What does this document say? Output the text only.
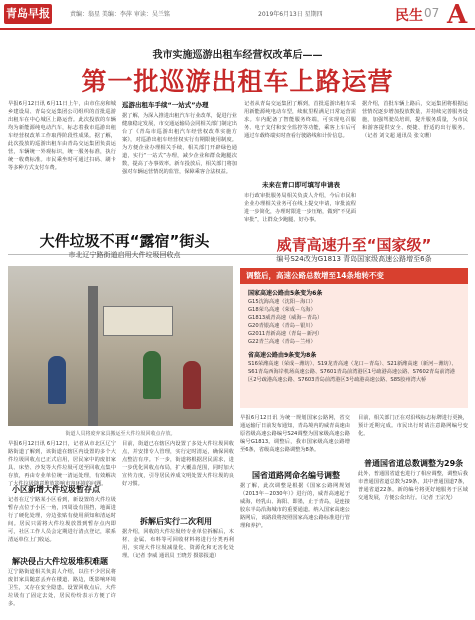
青岛早报	责编：翁星 美编：李萍 审读：吴兰铭	2019年6月13日 星期四	民生 07 A
我市实施巡游出租车经营权改革后——
第一批巡游出租车上路运营
早报6月12日讯 6月11日上午，由市住房和城乡建设局、青岛交运集团公司组织的首批巡游出租车在中心城区上路运营。此次投放的车辆均为新能源纯电动汽车，标志着我市巡游出租车经营权改革工作取得阶段性成果。据了解，此次投放的巡游出租车由青岛交运集团负责运营，车辆统一外观标识，统一服务标准，执行统一收费标准。市民乘坐时可通过扫码、刷卡等多种方式支付车费。
巡游出租车手续“一站式”办理
据了解，为深入推进出租汽车行业改革，促进行业健康稳定发展，市交通运输局会同相关部门制定出台了《青岛市巡游出租汽车经营权改革实施方案》，对巡游出租车经营权实行有期限使用制度。为方便企业办理相关手续，相关部门开辟绿色通道，实行“一站式”办理，减少企业和群众跑腿次数，提高了办事效率。新车投放后，相关部门将加强对车辆运营情况的监管，保障乘客合法权益。
记者从青岛交运集团了解到，首批巡游出租车采用新能源纯电动车型，续航里程满足日常运营需求。车内配备了智能服务终端，可实现电召服务、电子支付和安全监控等功能，乘客上车后可通过车载终端实时查看行驶路线和计价信息。
未来在青口即可填写申请表
市行政审批服务局相关负责人介绍，今后市民和企业办理相关业务可在线上提交申请，审批流程进一步简化，办理时限进一步压缩，做到“不见面审批”，让群众少跑腿、好办事。
据介绍，首批车辆上路后，交运集团将根据运营情况逐步增加投放数量，并持续完善服务设施，加强驾驶员培训，提升服务质量，为市民和游客提供安全、便捷、舒适的出行服务。（记者 刘文超 通讯员 张文珊）
大件垃圾不再“露宿”街头
市北辽宁路街道启用大件垃圾回收点
街道人员将废弃家具搬运至大件垃圾回收点存放。
早报6月12日讯 6月12日，记者从市北区辽宁路街道了解到，该街道在辖区内设置的多个大件垃圾回收点已正式启用，居民家中的废旧家具、床垫、沙发等大件垃圾可送至回收点集中存放，再由专业单位统一清运处理，有效解决了大件垃圾随意堆放影响市容环境的问题。
小区新增大件垃圾暂存点
记者在辽宁路某小区看到，新设置的大件垃圾暂存点位于小区一角，四周设有围挡，地面进行了硬化处理，旁边张贴有使用须知和清运时间。居民只需将大件垃圾放置到暂存点内即可，社区工作人员会定期进行清点登记，联系清运单位上门收运。
解决侵占大件垃圾堆积难题
辽宁路街道相关负责人介绍，以往不少居民将废旧家具随意丢弃在楼道、路边，既影响环境卫生，又存在安全隐患。设置回收点后，大件垃圾有了固定去处，居民纷纷表示方便了许多。
目前，街道已在辖区内设置了多处大件垃圾回收点，并安排专人管理，实行定时清运，确保回收点整洁有序。下一步，街道将根据居民需求，进一步优化回收点布局，扩大覆盖范围，同时加大宣传力度，引导居民养成文明处置大件垃圾的良好习惯。
拆解后实行二次利用
据介绍，回收的大件垃圾经专业单位拆解后，木材、金属、布料等可回收材料将进行分类再利用，实现大件垃圾减量化、资源化和无害化处理。（记者 李威 通讯员 王晓芳 摄影报道）
威青高速升至“国家级”
编号S24改为G1813 青岛国家级高速公路增至6条
调整后，高速公路总数增至14条地转不变
国家高速公路由5条变为6条
G15沈海高速（沈阳－海口）
G18荣乌高速（荣成－乌海）
G1813威青高速（威海－青岛）
G20青银高速（青岛－银川）
G2011青新高速（青岛－新河）
G22青兰高速（青岛－兰州）
省高速公路由9条变为8条
S16荣潍高速（荣成－潍坊）、S19龙青高速（龙口－青岛）、S21新潍高速（新河－潍坊）、S61青岛西海岸机场高速公路、S7601青岛前湾港区1号疏港高速公路、S7602青岛前湾港区2号疏港高速公路、S7603青岛前湾港区3号疏港高速公路、S85胶州湾大桥
早报6月12日讯 为统一规划国家公路网，省交通运输厅日前发布通知，青岛境内的威青高速由原省级高速公路编号S24调整为国家级高速公路编号G1813。调整后，我市国家级高速公路增至6条，省级高速公路调整为8条。
国省道路网命名编号调整
据了解，此次调整是根据《国家公路网规划（2013年－2030年）》进行的，威青高速起于威海，经乳山、海阳、即墨，止于青岛，是连接胶东半岛沿海城市的重要通道。纳入国家高速公路网后，该路段将按照国家高速公路标准进行管理和养护。
目前，相关部门正在对沿线标志标牌进行更换，预计近期完成。市民出行时请注意路网编号变化。
普通国省道总数调整为29条
此外，普通国省道也进行了相应调整，调整后我市普通国省道总数为29条，其中普通国道7条，普通省道22条。新的编号将更好地服务于区域交通发展，方便公众出行。（记者 王宗光）
